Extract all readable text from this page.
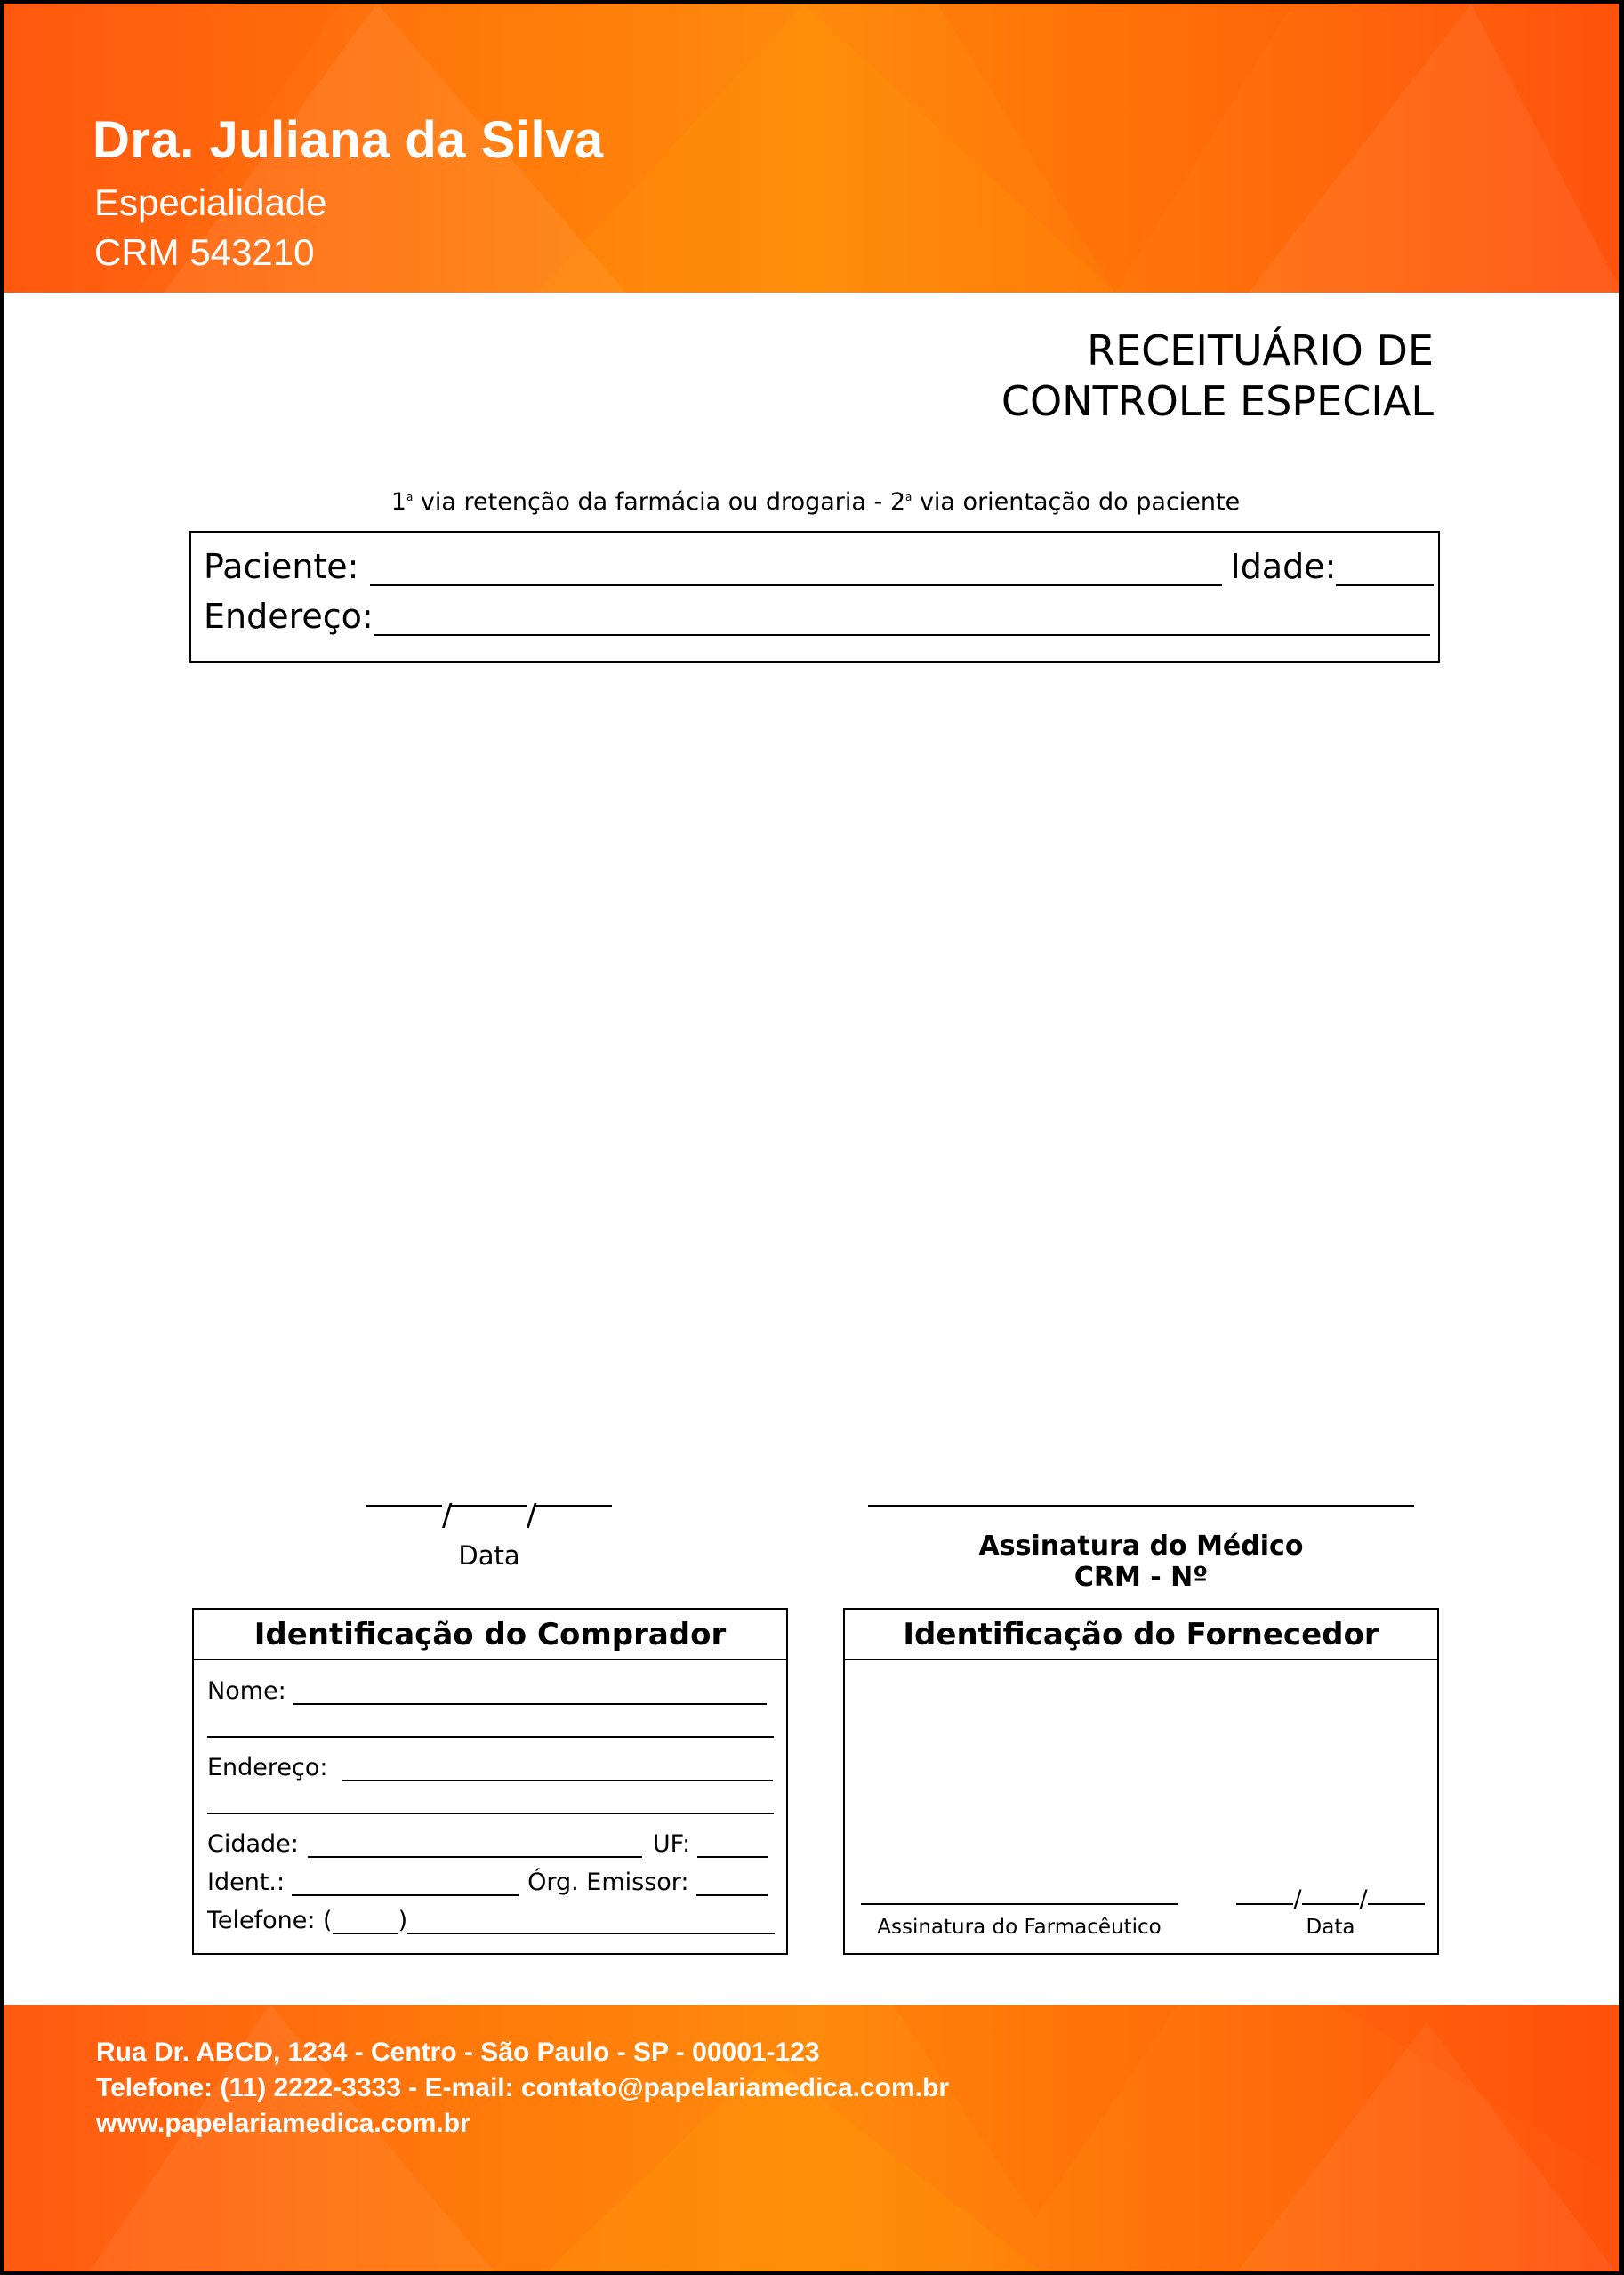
Dra. Juliana da Silva
Especialidade
CRM 543210
RECEITUÁRIO DE
CONTROLE ESPECIAL
1$^a$ via retenção da farmácia ou drogaria - 2$^a$ via orientação do paciente
Paciente:	Idade:
Endereço:
/ /
Data	Assinatura do Médico
CRM - Nº
Identificação do Comprador
Nome:
Endereço:
Cidade:	UF:
Ident.:	Órg. Emissor:
Telefone: (	)
Identificação do Fornecedor
Assinatura do Farmacêutico
/ /
Data
Rua Dr. ABCD, 1234 - Centro - São Paulo - SP - 00001-123
Telefone: (11) 2222-3333 - E-mail: contato@papelariamedica.com.br
www.papelariamedica.com.br
